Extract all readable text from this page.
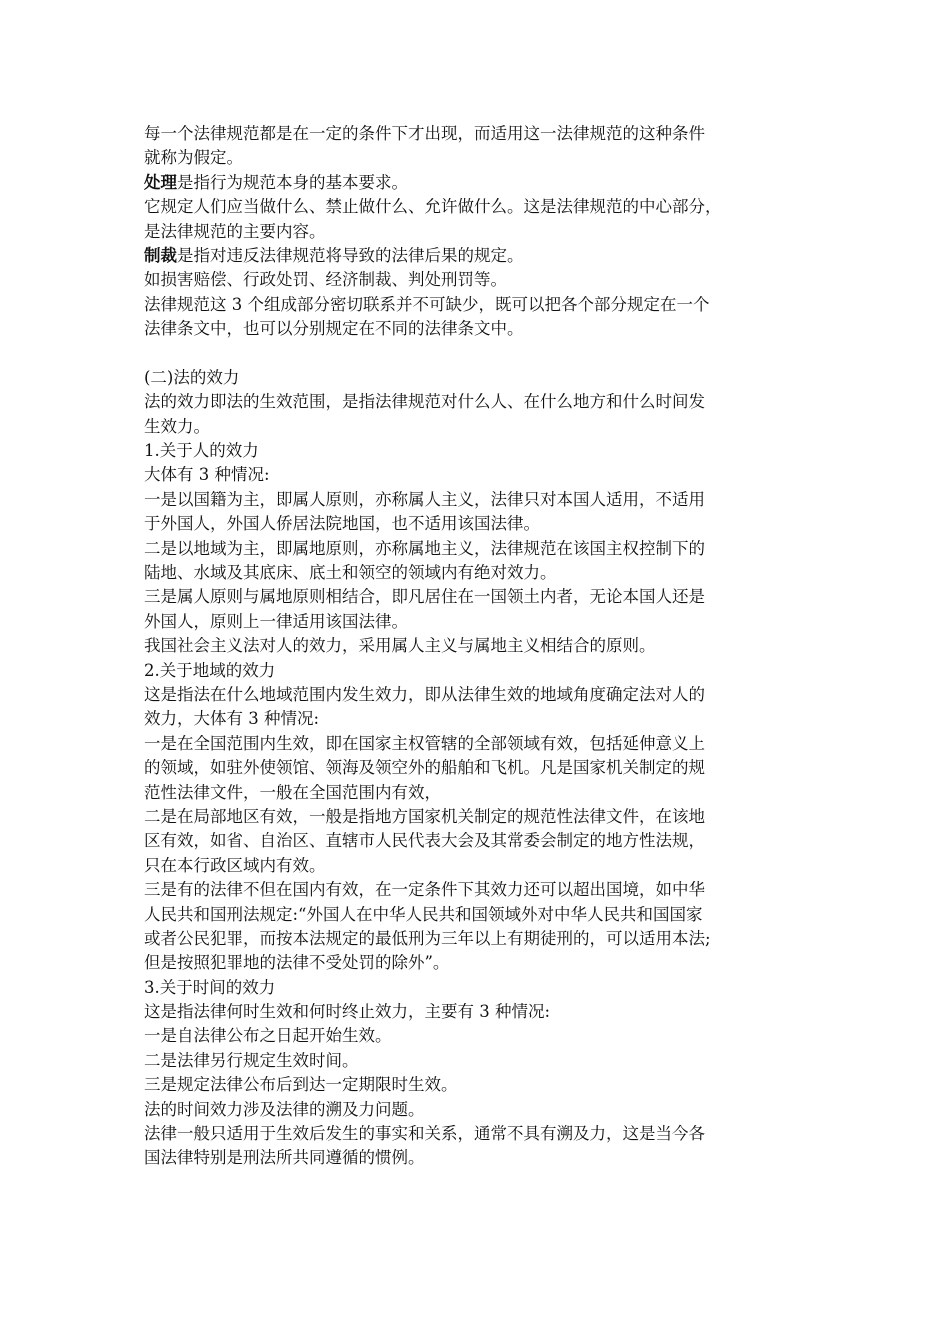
每一个法律规范都是在一定的条件下才出现，而适用这一法律规范的这种条件
就称为假定。
处理是指行为规范本身的基本要求。
它规定人们应当做什么、禁止做什么、允许做什么。这是法律规范的中心部分，
是法律规范的主要内容。
制裁是指对违反法律规范将导致的法律后果的规定。
如损害赔偿、行政处罚、经济制裁、判处刑罚等。
法律规范这 3 个组成部分密切联系并不可缺少，既可以把各个部分规定在一个
法律条文中，也可以分别规定在不同的法律条文中。
(二)法的效力
法的效力即法的生效范围，是指法律规范对什么人、在什么地方和什么时间发
生效力。
1.关于人的效力
大体有 3 种情况:
一是以国籍为主，即属人原则，亦称属人主义，法律只对本国人适用，不适用
于外国人，外国人侨居法院地国，也不适用该国法律。
二是以地域为主，即属地原则，亦称属地主义，法律规范在该国主权控制下的
陆地、水域及其底床、底土和领空的领域内有绝对效力。
三是属人原则与属地原则相结合，即凡居住在一国领土内者，无论本国人还是
外国人，原则上一律适用该国法律。
我国社会主义法对人的效力，采用属人主义与属地主义相结合的原则。
2.关于地域的效力
这是指法在什么地域范围内发生效力，即从法律生效的地域角度确定法对人的
效力，大体有 3 种情况:
一是在全国范围内生效，即在国家主权管辖的全部领域有效，包括延伸意义上
的领域，如驻外使领馆、领海及领空外的船舶和飞机。凡是国家机关制定的规
范性法律文件，一般在全国范围内有效，
二是在局部地区有效，一般是指地方国家机关制定的规范性法律文件，在该地
区有效，如省、自治区、直辖市人民代表大会及其常委会制定的地方性法规，
只在本行政区域内有效。
三是有的法律不但在国内有效，在一定条件下其效力还可以超出国境，如中华
人民共和国刑法规定:“外国人在中华人民共和国领域外对中华人民共和国国家
或者公民犯罪，而按本法规定的最低刑为三年以上有期徒刑的，可以适用本法;
但是按照犯罪地的法律不受处罚的除外”。
3.关于时间的效力
这是指法律何时生效和何时终止效力，主要有 3 种情况:
一是自法律公布之日起开始生效。
二是法律另行规定生效时间。
三是规定法律公布后到达一定期限时生效。
法的时间效力涉及法律的溯及力问题。
法律一般只适用于生效后发生的事实和关系，通常不具有溯及力，这是当今各
国法律特别是刑法所共同遵循的惯例。
